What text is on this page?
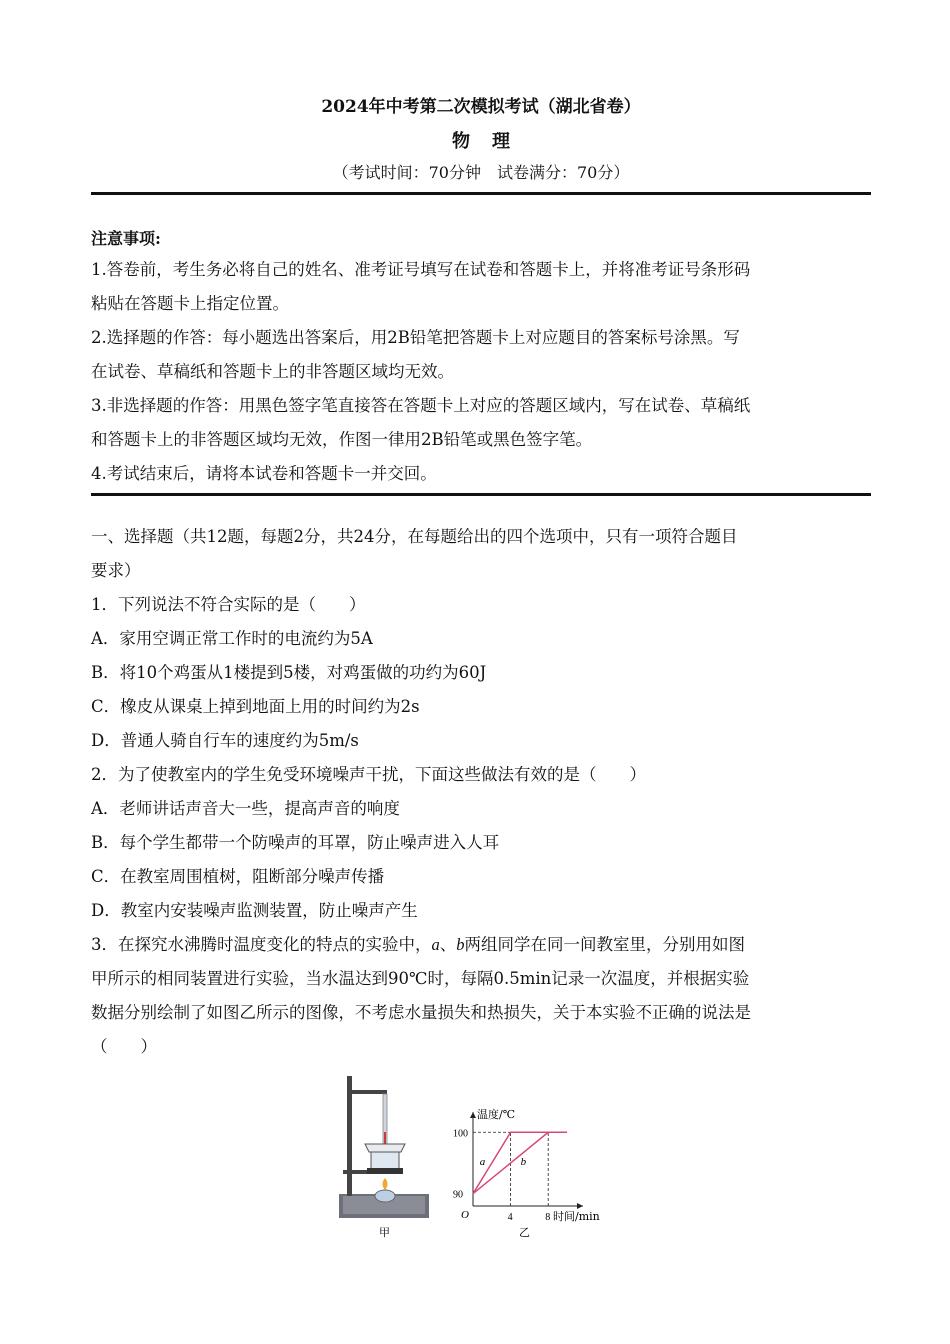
2024年中考第二次模拟考试（湖北省卷）
物理
（考试时间：70分钟　试卷满分：70分）
注意事项:
1.答卷前，考生务必将自己的姓名、准考证号填写在试卷和答题卡上，并将准考证号条形码
粘贴在答题卡上指定位置。
2.选择题的作答：每小题选出答案后，用2B铅笔把答题卡上对应题目的答案标号涂黑。写
在试卷、草稿纸和答题卡上的非答题区域均无效。
3.非选择题的作答：用黑色签字笔直接答在答题卡上对应的答题区域内，写在试卷、草稿纸
和答题卡上的非答题区域均无效，作图一律用2B铅笔或黑色签字笔。
4.考试结束后，请将本试卷和答题卡一并交回。
一、选择题（共12题，每题2分，共24分，在每题给出的四个选项中，只有一项符合题目
要求）
1．下列说法不符合实际的是（　　）
A．家用空调正常工作时的电流约为5A
B．将10个鸡蛋从1楼提到5楼，对鸡蛋做的功约为60J
C．橡皮从课桌上掉到地面上用的时间约为2s
D．普通人骑自行车的速度约为5m/s
2．为了使教室内的学生免受环境噪声干扰，下面这些做法有效的是（　　）
A．老师讲话声音大一些，提高声音的响度
B．每个学生都带一个防噪声的耳罩，防止噪声进入人耳
C．在教室周围植树，阻断部分噪声传播
D．教室内安装噪声监测装置，防止噪声产生
3．在探究水沸腾时温度变化的特点的实验中，a、b两组同学在同一间教室里，分别用如图
甲所示的相同装置进行实验，当水温达到90℃时，每隔0.5min记录一次温度，并根据实验
数据分别绘制了如图乙所示的图像，不考虑水量损失和热损失，关于本实验不正确的说法是
（　　）
温度/℃
时间/min
O
90
100
4	8
a	b
甲	乙
